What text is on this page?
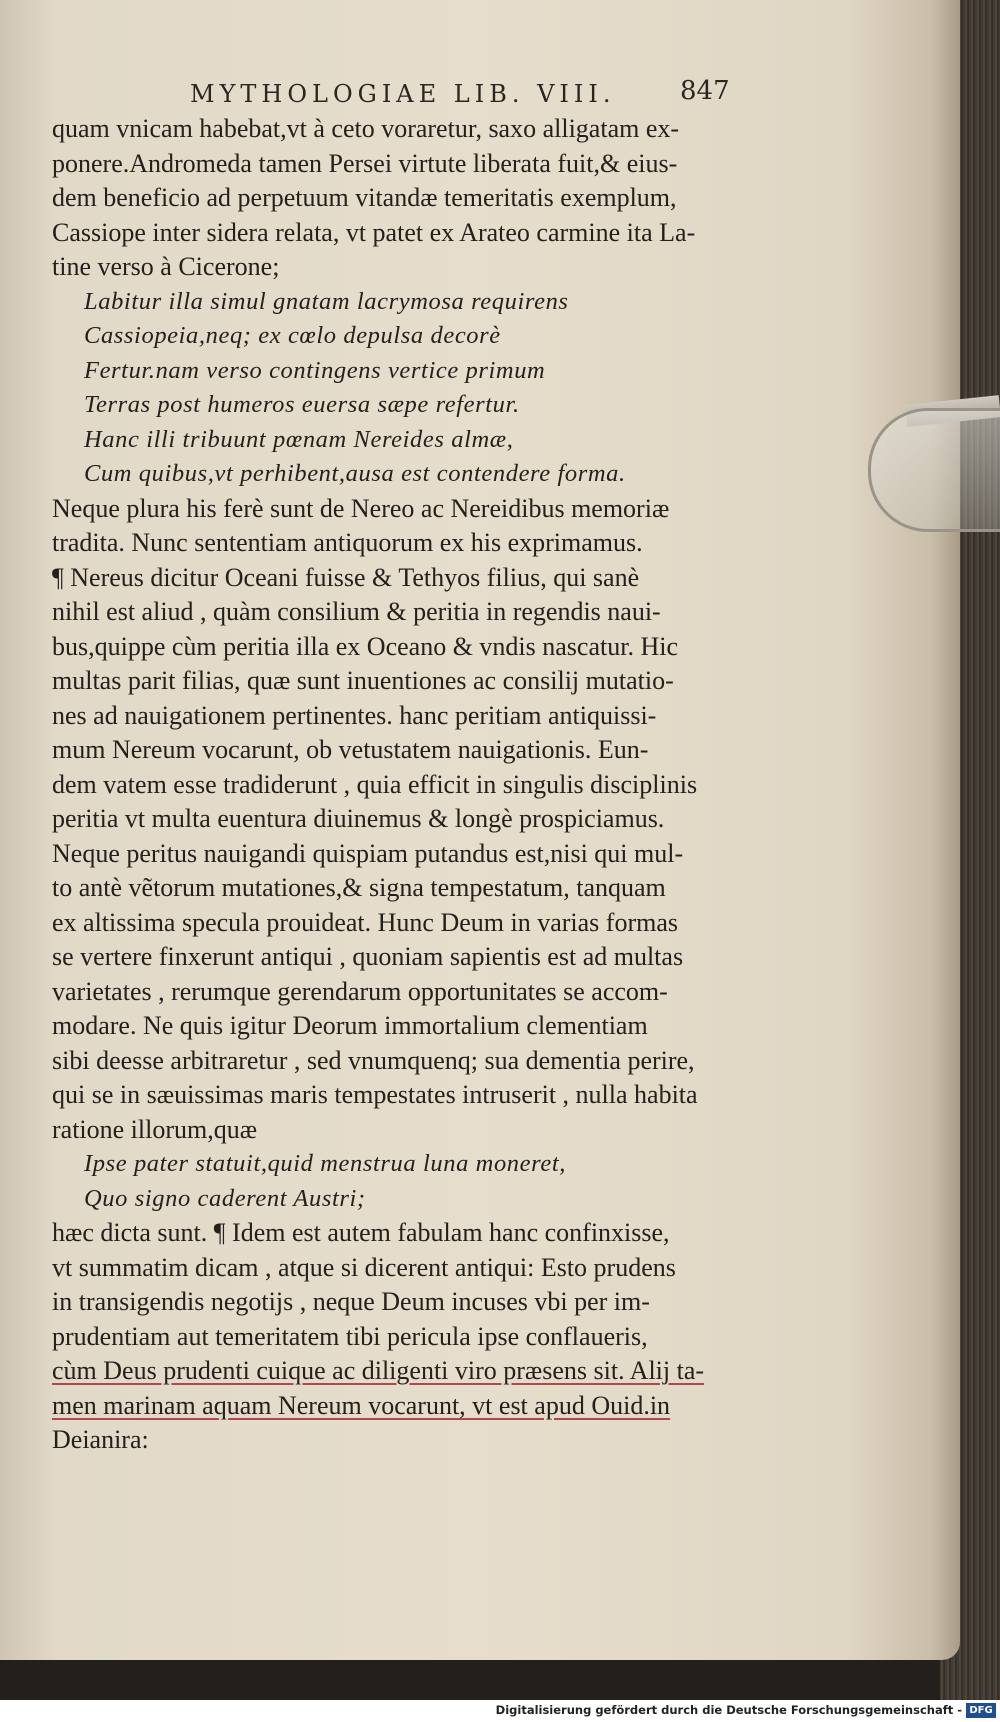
MYTHOLOGIAE LIB. VIII. 847
quam vnicam habebat,vt à ceto voraretur, saxo alligatam ex-
ponere.Andromeda tamen Persei virtute liberata fuit,& eius-
dem beneficio ad perpetuum vitandæ temeritatis exemplum,
Cassiope inter sidera relata, vt patet ex Arateo carmine ita La-
tine verso à Cicerone;
Labitur illa simul gnatam lacrymosa requirens
Cassiopeia,neq; ex cœlo depulsa decorè
Fertur.nam verso contingens vertice primum
Terras post humeros euersa sæpe refertur.
Hanc illi tribuunt pœnam Nereides almæ,
Cum quibus,vt perhibent,ausa est contendere forma.
Neque plura his ferè sunt de Nereo ac Nereidibus memoriæ
tradita. Nunc sententiam antiquorum ex his exprimamus.
¶ Nereus dicitur Oceani fuisse & Tethyos filius, qui sanè
nihil est aliud , quàm consilium & peritia in regendis naui-
bus,quippe cùm peritia illa ex Oceano & vndis nascatur. Hic
multas parit filias, quæ sunt inuentiones ac consilij mutatio-
nes ad nauigationem pertinentes. hanc peritiam antiquissi-
mum Nereum vocarunt, ob vetustatem nauigationis. Eun-
dem vatem esse tradiderunt , quia efficit in singulis disciplinis
peritia vt multa euentura diuinemus & longè prospiciamus.
Neque peritus nauigandi quispiam putandus est,nisi qui mul-
to antè vẽtorum mutationes,& signa tempestatum, tanquam
ex altissima specula prouideat. Hunc Deum in varias formas
se vertere finxerunt antiqui , quoniam sapientis est ad multas
varietates , rerumque gerendarum opportunitates se accom-
modare. Ne quis igitur Deorum immortalium clementiam
sibi deesse arbitraretur , sed vnumquenq; sua dementia perire,
qui se in sæuissimas maris tempestates intruserit , nulla habita
ratione illorum,quæ
Ipse pater statuit,quid menstrua luna moneret,
Quo signo caderent Austri;
hæc dicta sunt. ¶ Idem est autem fabulam hanc confinxisse,
vt summatim dicam , atque si dicerent antiqui: Esto prudens
in transigendis negotijs , neque Deum incuses vbi per im-
prudentiam aut temeritatem tibi pericula ipse conflaueris,
cùm Deus prudenti cuique ac diligenti viro præsens sit. Alij ta-
men marinam aquam Nereum vocarunt, vt est apud Ouid.in
Deianira:
Digitalisierung gefördert durch die Deutsche Forschungsgemeinschaft - DFG
